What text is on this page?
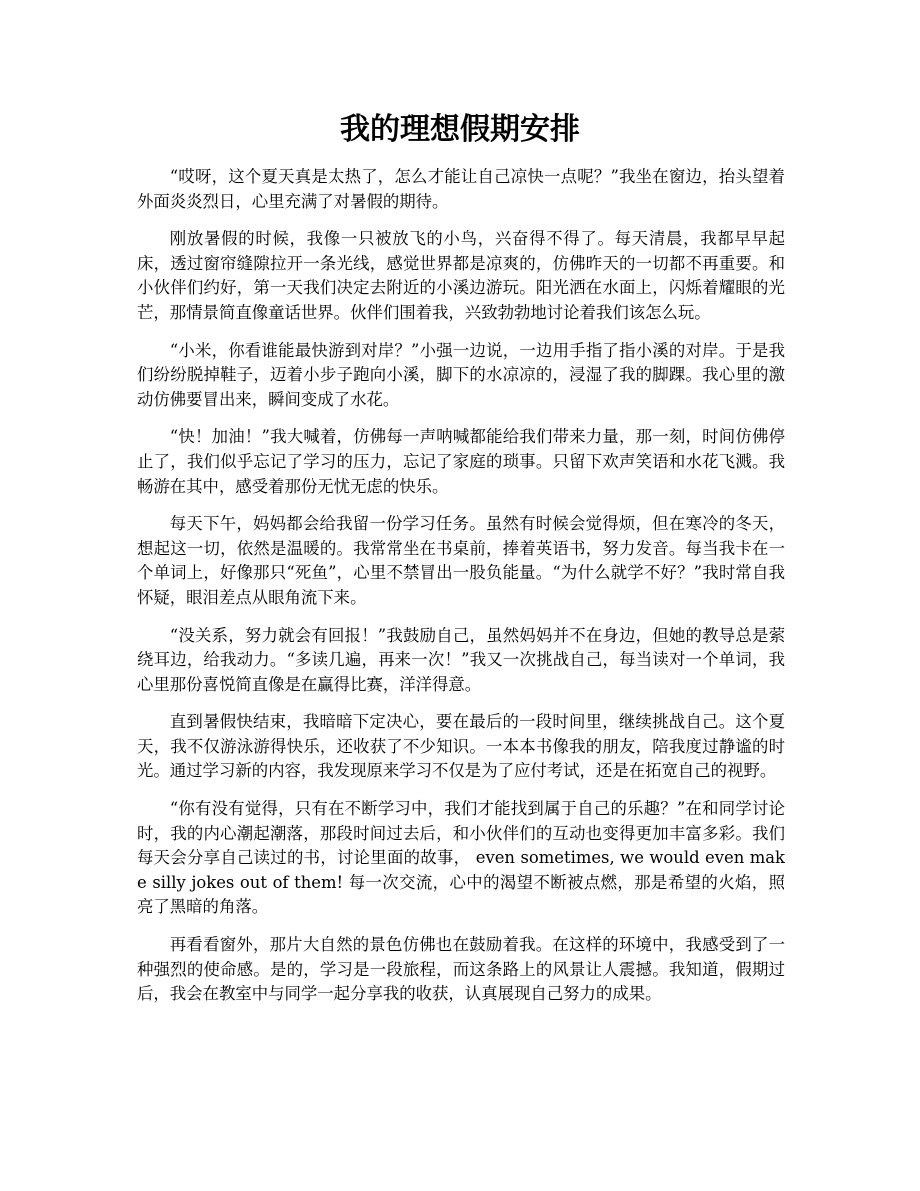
我的理想假期安排

“哎呀，这个夏天真是太热了，怎么才能让自己凉快一点呢？”我坐在窗边，抬头望着外面炎炎烈日，心里充满了对暑假的期待。

刚放暑假的时候，我像一只被放飞的小鸟，兴奋得不得了。每天清晨，我都早早起床，透过窗帘缝隙拉开一条光线，感觉世界都是凉爽的，仿佛昨天的一切都不再重要。和小伙伴们约好，第一天我们决定去附近的小溪边游玩。阳光洒在水面上，闪烁着耀眼的光芒，那情景简直像童话世界。伙伴们围着我，兴致勃勃地讨论着我们该怎么玩。

“小米，你看谁能最快游到对岸？”小强一边说，一边用手指了指小溪的对岸。于是我们纷纷脱掉鞋子，迈着小步子跑向小溪，脚下的水凉凉的，浸湿了我的脚踝。我心里的激动仿佛要冒出来，瞬间变成了水花。

“快！加油！”我大喊着，仿佛每一声呐喊都能给我们带来力量，那一刻，时间仿佛停止了，我们似乎忘记了学习的压力，忘记了家庭的琐事。只留下欢声笑语和水花飞溅。我畅游在其中，感受着那份无忧无虑的快乐。

每天下午，妈妈都会给我留一份学习任务。虽然有时候会觉得烦，但在寒冷的冬天，想起这一切，依然是温暖的。我常常坐在书桌前，捧着英语书，努力发音。每当我卡在一个单词上，好像那只“死鱼”，心里不禁冒出一股负能量。“为什么就学不好？”我时常自我怀疑，眼泪差点从眼角流下来。

“没关系，努力就会有回报！”我鼓励自己，虽然妈妈并不在身边，但她的教导总是萦绕耳边，给我动力。“多读几遍，再来一次！”我又一次挑战自己，每当读对一个单词，我心里那份喜悦简直像是在赢得比赛，洋洋得意。

直到暑假快结束，我暗暗下定决心，要在最后的一段时间里，继续挑战自己。这个夏天，我不仅游泳游得快乐，还收获了不少知识。一本本书像我的朋友，陪我度过静谧的时光。通过学习新的内容，我发现原来学习不仅是为了应付考试，还是在拓宽自己的视野。

“你有没有觉得，只有在不断学习中，我们才能找到属于自己的乐趣？”在和同学讨论时，我的内心潮起潮落，那段时间过去后，和小伙伴们的互动也变得更加丰富多彩。我们每天会分享自己读过的书，讨论里面的故事， even sometimes, we would even make silly jokes out of them! 每一次交流，心中的渴望不断被点燃，那是希望的火焰，照亮了黑暗的角落。

再看看窗外，那片大自然的景色仿佛也在鼓励着我。在这样的环境中，我感受到了一种强烈的使命感。是的，学习是一段旅程，而这条路上的风景让人震撼。我知道，假期过后，我会在教室中与同学一起分享我的收获，认真展现自己努力的成果。
